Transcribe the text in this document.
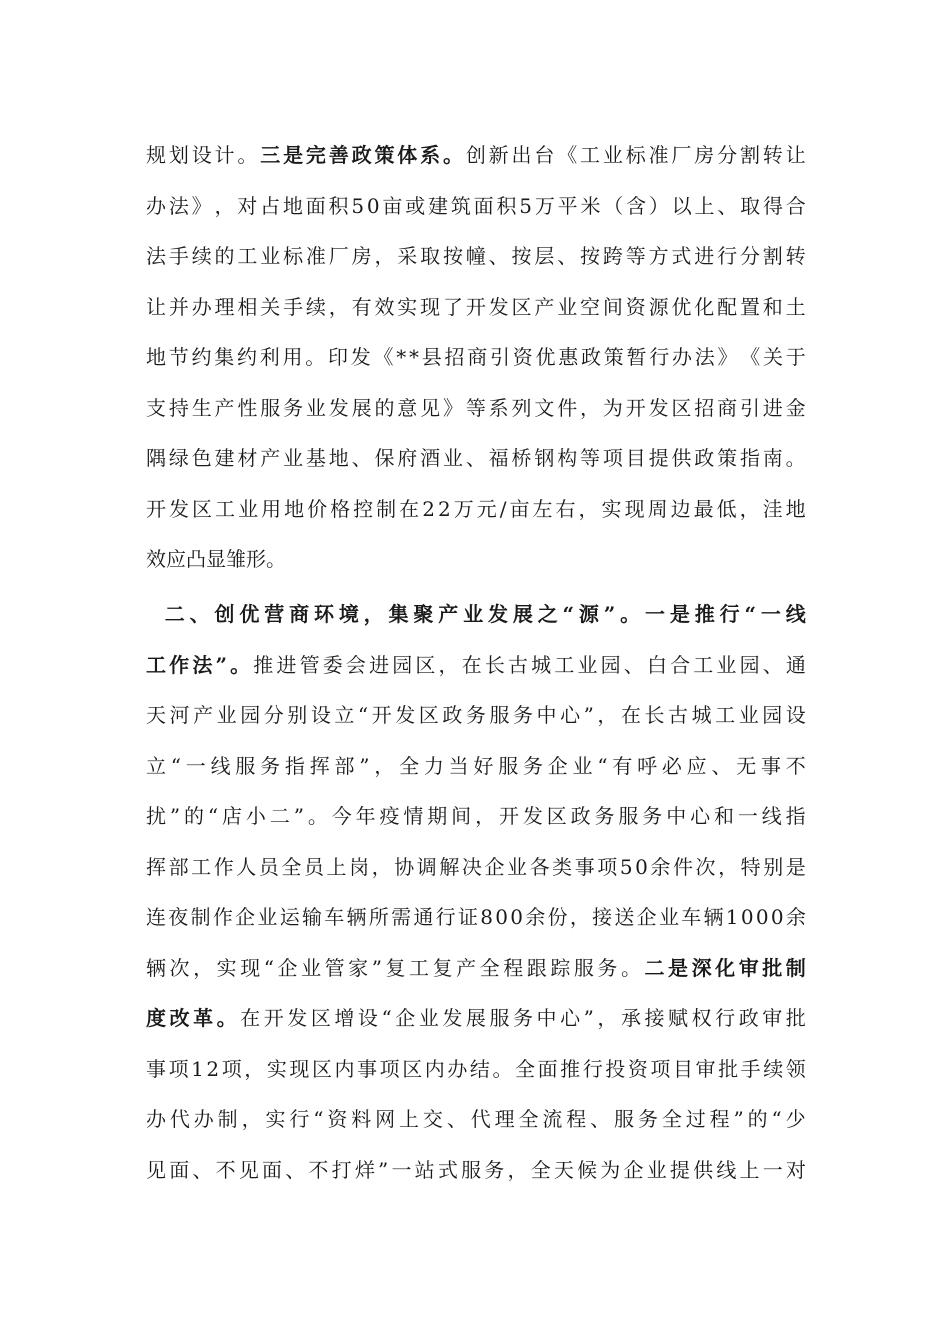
规 划 设 计 。 三 是 完 善 政 策 体 系 。 创 新 出 台 《 工 业 标 准 厂 房 分 割 转 让
办 法 》 ， 对 占 地 面 积 5 0 亩 或 建 筑 面 积 5 万 平 米 （ 含 ） 以 上 、 取 得 合
法 手 续 的 工 业 标 准 厂 房 ， 采 取 按 幢 、 按 层 、 按 跨 等 方 式 进 行 分 割 转
让 并 办 理 相 关 手 续 ， 有 效 实 现 了 开 发 区 产 业 空 间 资 源 优 化 配 置 和 土
地 节 约 集 约 利 用 。 印 发 《 * * 县 招 商 引 资 优 惠 政 策 暂 行 办 法 》 《 关 于
支 持 生 产 性 服 务 业 发 展 的 意 见 》 等 系 列 文 件 ， 为 开 发 区 招 商 引 进 金
隅 绿 色 建 材 产 业 基 地 、 保 府 酒 业 、 福 桥 钢 构 等 项 目 提 供 政 策 指 南 。
开 发 区 工 业 用 地 价 格 控 制 在 2 2 万 元 / 亩 左 右 ， 实 现 周 边 最 低 ， 洼 地
效 应 凸 显 雏 形 。

二 、 创 优 营 商 环 境 ， 集 聚 产 业 发 展 之 “ 源 ” 。 一 是 推 行 “ 一 线
工 作 法 ” 。 推 进 管 委 会 进 园 区 ， 在 长 古 城 工 业 园 、 白 合 工 业 园 、 通
天 河 产 业 园 分 别 设 立 “ 开 发 区 政 务 服 务 中 心 ” ， 在 长 古 城 工 业 园 设
立 “ 一 线 服 务 指 挥 部 ” ， 全 力 当 好 服 务 企 业 “ 有 呼 必 应 、 无 事 不
扰 ” 的 “ 店 小 二 ” 。 今 年 疫 情 期 间 ， 开 发 区 政 务 服 务 中 心 和 一 线 指
挥 部 工 作 人 员 全 员 上 岗 ， 协 调 解 决 企 业 各 类 事 项 5 0 余 件 次 ， 特 别 是
连 夜 制 作 企 业 运 输 车 辆 所 需 通 行 证 8 0 0 余 份 ， 接 送 企 业 车 辆 1 0 0 0 余
辆 次 ， 实 现 “ 企 业 管 家 ” 复 工 复 产 全 程 跟 踪 服 务 。 二 是 深 化 审 批 制
度 改 革 。 在 开 发 区 增 设 “ 企 业 发 展 服 务 中 心 ” ， 承 接 赋 权 行 政 审 批
事 项 1 2 项 ， 实 现 区 内 事 项 区 内 办 结 。 全 面 推 行 投 资 项 目 审 批 手 续 领
办 代 办 制 ， 实 行 “ 资 料 网 上 交 、 代 理 全 流 程 、 服 务 全 过 程 ” 的 “ 少
见 面 、 不 见 面 、 不 打 烊 ” 一 站 式 服 务 ， 全 天 候 为 企 业 提 供 线 上 一 对
